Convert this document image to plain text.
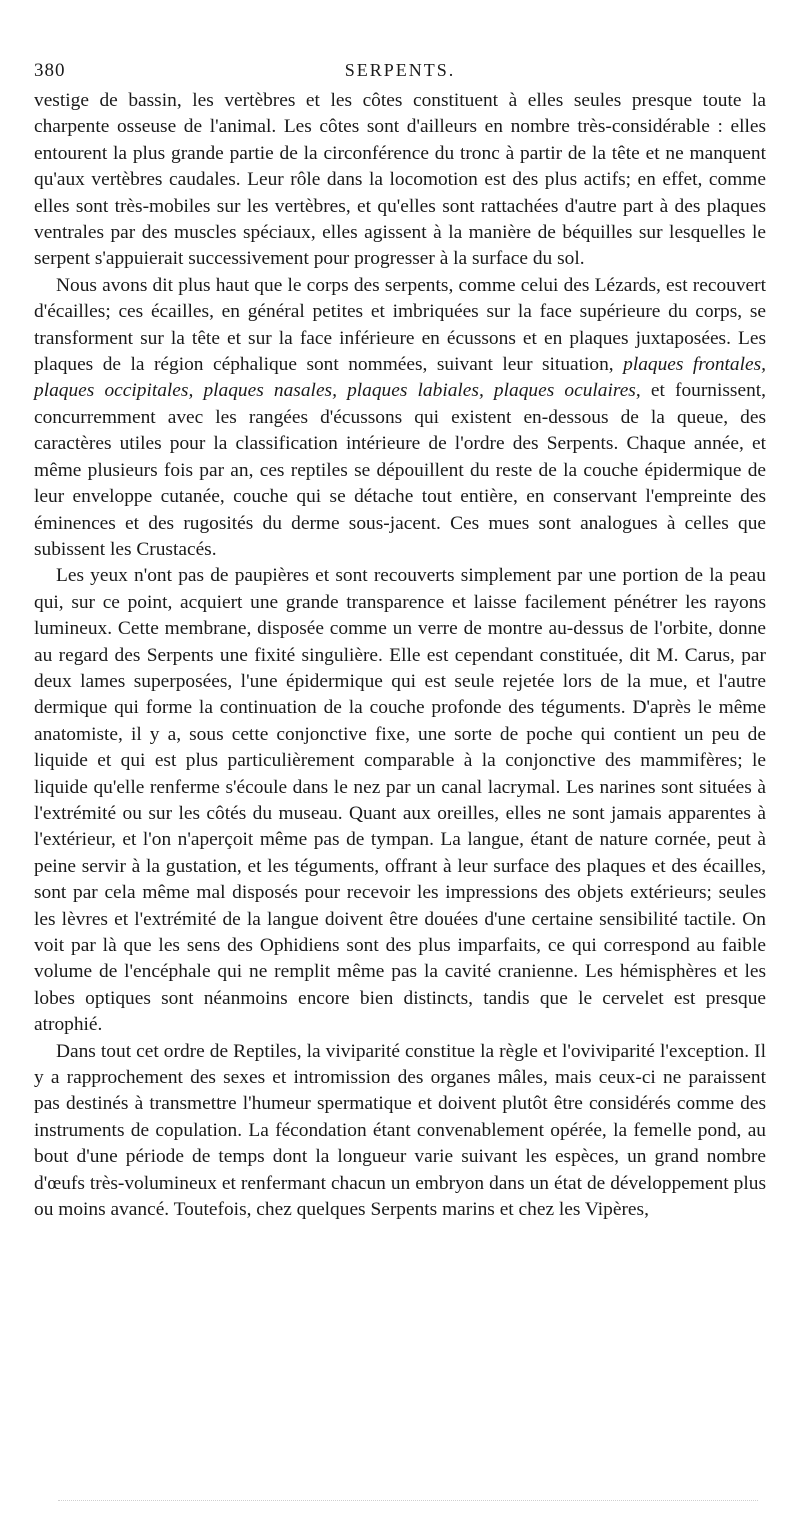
380	SERPENTS.

vestige de bassin, les vertèbres et les côtes constituent à elles seules presque toute la charpente osseuse de l'animal. Les côtes sont d'ailleurs en nombre très-considérable : elles entourent la plus grande partie de la circonférence du tronc à partir de la tête et ne manquent qu'aux vertèbres caudales. Leur rôle dans la locomotion est des plus actifs; en effet, comme elles sont très-mobiles sur les vertèbres, et qu'elles sont rattachées d'autre part à des plaques ventrales par des muscles spéciaux, elles agissent à la manière de béquilles sur lesquelles le serpent s'appuierait successivement pour progresser à la surface du sol.

Nous avons dit plus haut que le corps des serpents, comme celui des Lézards, est recouvert d'écailles; ces écailles, en général petites et imbriquées sur la face supérieure du corps, se transforment sur la tête et sur la face inférieure en écussons et en plaques juxtaposées. Les plaques de la région céphalique sont nommées, suivant leur situation, plaques frontales, plaques occipitales, plaques nasales, plaques labiales, plaques oculaires, et fournissent, concurremment avec les rangées d'écussons qui existent en-dessous de la queue, des caractères utiles pour la classification intérieure de l'ordre des Serpents. Chaque année, et même plusieurs fois par an, ces reptiles se dépouillent du reste de la couche épidermique de leur enveloppe cutanée, couche qui se détache tout entière, en conservant l'empreinte des éminences et des rugosités du derme sous-jacent. Ces mues sont analogues à celles que subissent les Crustacés.

Les yeux n'ont pas de paupières et sont recouverts simplement par une portion de la peau qui, sur ce point, acquiert une grande transparence et laisse facilement pénétrer les rayons lumineux. Cette membrane, disposée comme un verre de montre au-dessus de l'orbite, donne au regard des Serpents une fixité singulière. Elle est cependant constituée, dit M. Carus, par deux lames superposées, l'une épidermique qui est seule rejetée lors de la mue, et l'autre dermique qui forme la continuation de la couche profonde des téguments. D'après le même anatomiste, il y a, sous cette conjonctive fixe, une sorte de poche qui contient un peu de liquide et qui est plus particulièrement comparable à la conjonctive des mammifères; le liquide qu'elle renferme s'écoule dans le nez par un canal lacrymal. Les narines sont situées à l'extrémité ou sur les côtés du museau. Quant aux oreilles, elles ne sont jamais apparentes à l'extérieur, et l'on n'aperçoit même pas de tympan. La langue, étant de nature cornée, peut à peine servir à la gustation, et les téguments, offrant à leur surface des plaques et des écailles, sont par cela même mal disposés pour recevoir les impressions des objets extérieurs; seules les lèvres et l'extrémité de la langue doivent être douées d'une certaine sensibilité tactile. On voit par là que les sens des Ophidiens sont des plus imparfaits, ce qui correspond au faible volume de l'encéphale qui ne remplit même pas la cavité cranienne. Les hémisphères et les lobes optiques sont néanmoins encore bien distincts, tandis que le cervelet est presque atrophié.

Dans tout cet ordre de Reptiles, la viviparité constitue la règle et l'oviviparité l'exception. Il y a rapprochement des sexes et intromission des organes mâles, mais ceux-ci ne paraissent pas destinés à transmettre l'humeur spermatique et doivent plutôt être considérés comme des instruments de copulation. La fécondation étant convenablement opérée, la femelle pond, au bout d'une période de temps dont la longueur varie suivant les espèces, un grand nombre d'œufs très-volumineux et renfermant chacun un embryon dans un état de développement plus ou moins avancé. Toutefois, chez quelques Serpents marins et chez les Vipères,
